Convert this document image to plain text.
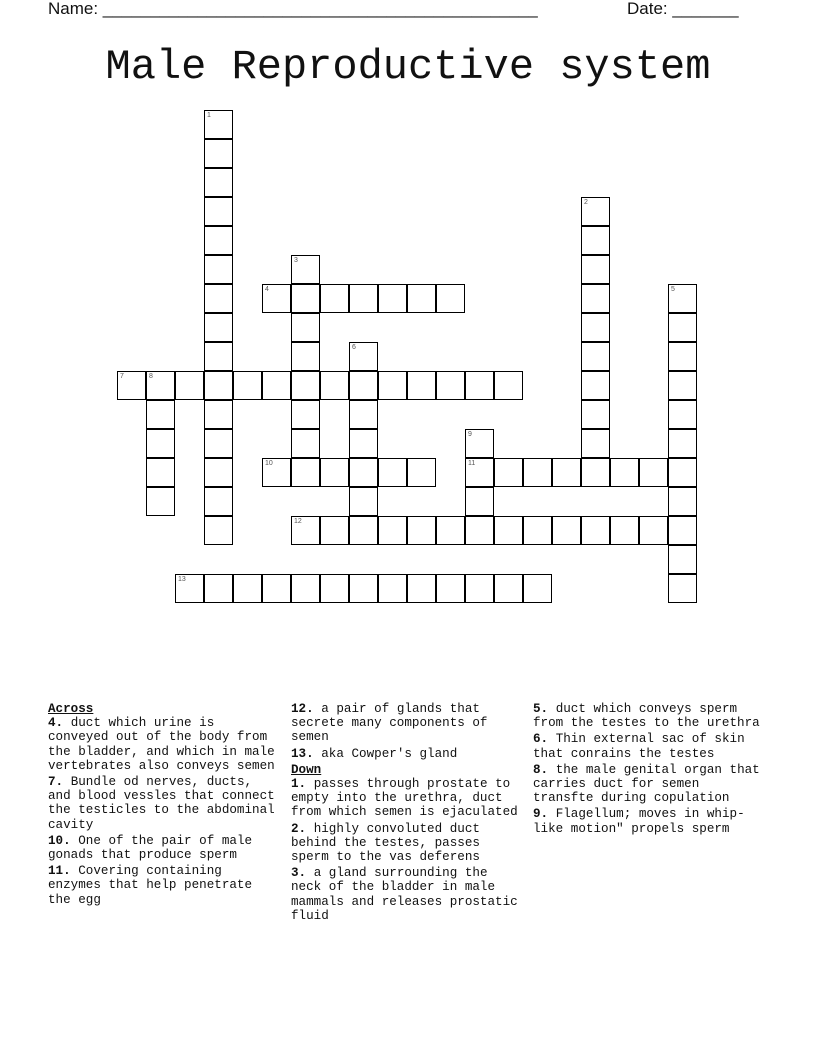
Name: ______________________________________________	Date: _______
Male Reproductive system
1
2
3
4	5
6
7	8
9
11
10
12
13
Across
4. duct which urine is conveyed out of the body from the bladder, and which in male vertebrates also conveys semen
7. Bundle od nerves, ducts, and blood vessles that connect the testicles to the abdominal cavity
10. One of the pair of male gonads that produce sperm
11. Covering containing enzymes that help penetrate the egg
12. a pair of glands that secrete many components of semen
13. aka Cowper's gland
Down
1. passes through prostate to empty into the urethra, duct from which semen is ejaculated
2. highly convoluted duct behind the testes, passes sperm to the vas deferens
3. a gland surrounding the neck of the bladder in male mammals and releases prostatic fluid
5. duct which conveys sperm from the testes to the urethra
6. Thin external sac of skin that conrains the testes
8. the male genital organ that carries duct for semen transfte during copulation
9. Flagellum; moves in whip-like motion" propels sperm
